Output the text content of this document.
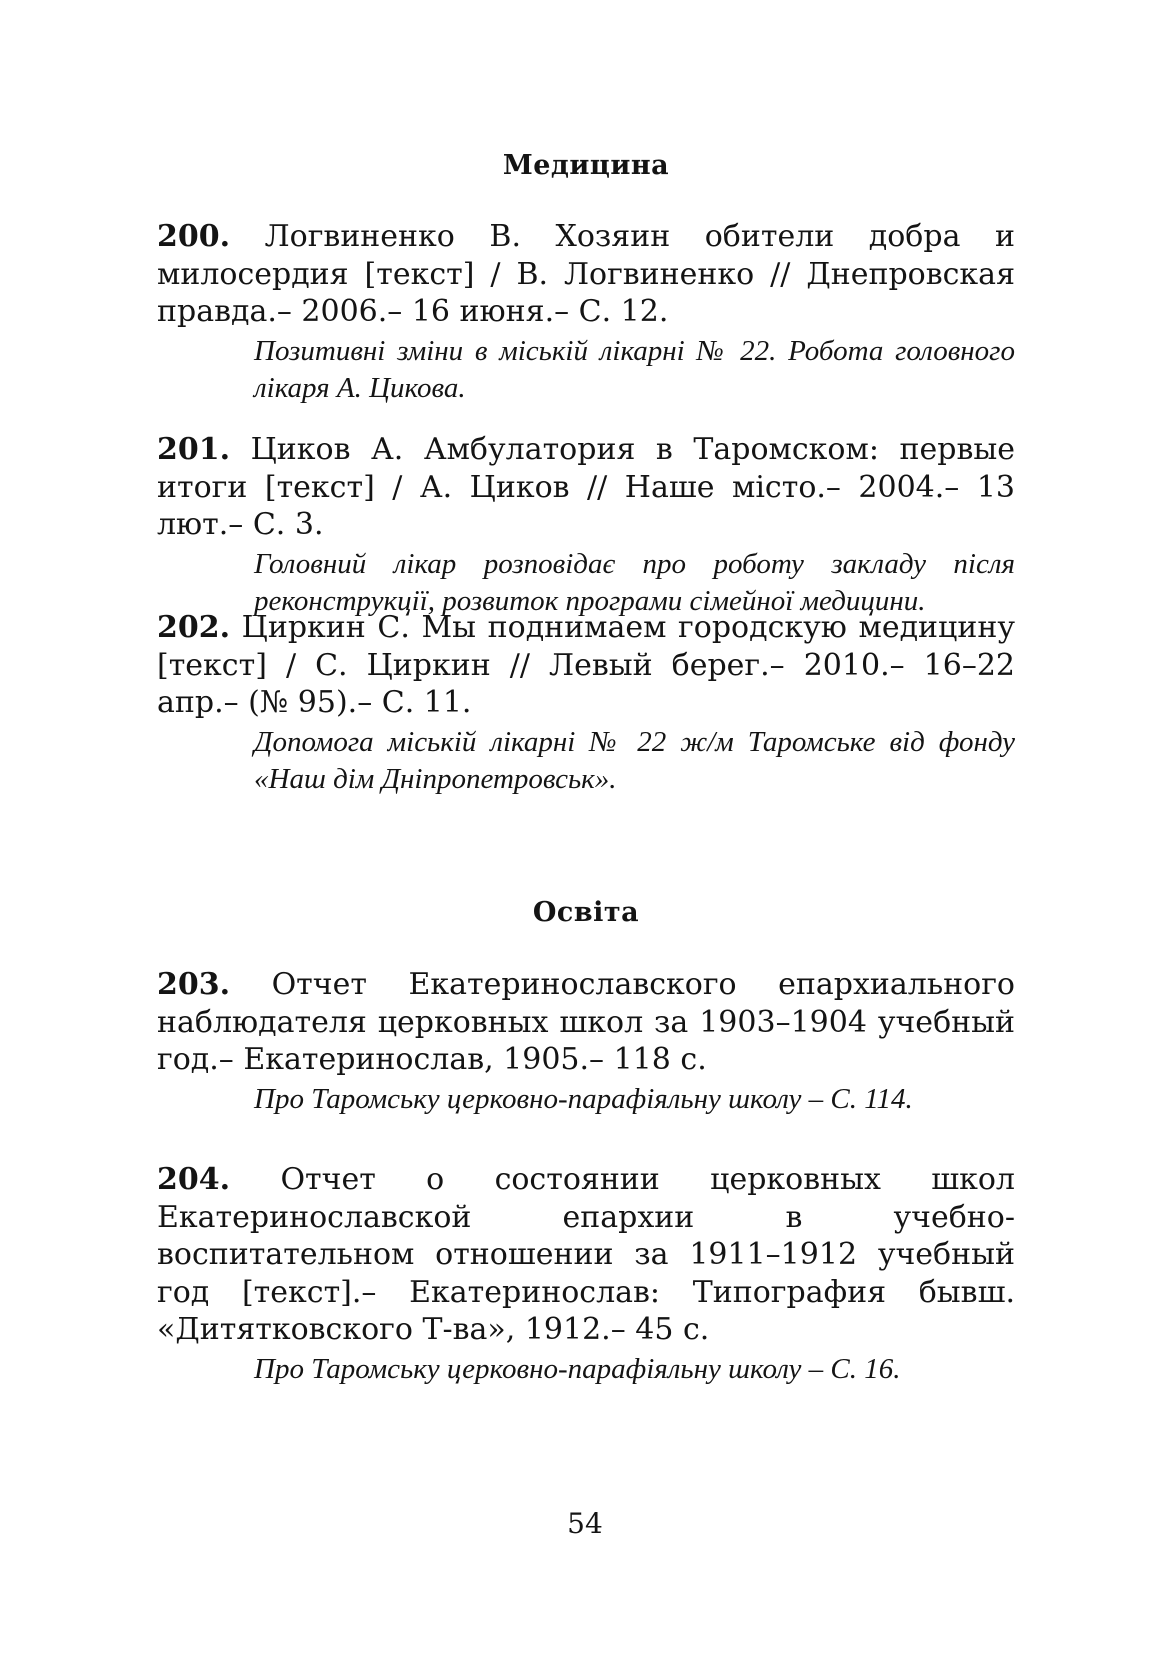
Медицина

200. Логвиненко В. Хозяин обители добра и милосердия [текст] / В. Логвиненко // Днепровская правда.– 2006.– 16 июня.– С. 12.

Позитивні зміни в міській лікарні № 22. Робота головного лікаря А. Цикова.

201. Циков А. Амбулатория в Таромском: первые итоги [текст] / А. Циков // Наше місто.– 2004.– 13 лют.– С. 3.

Головний лікар розповідає про роботу закладу після реконструкції, розвиток програми сімейної медицини.

202. Циркин С. Мы поднимаем городскую медицину [текст] / С. Циркин // Левый берег.– 2010.– 16–22 апр.– (№ 95).– С. 11.

Допомога міській лікарні № 22 ж/м Таромське від фонду «Наш дім Дніпропетровськ».

Освіта

203. Отчет Екатеринославского епархиального наблюдателя церковных школ за 1903–1904 учебный год.– Екатеринослав, 1905.– 118 с.

Про Таромську церковно-парафіяльну школу – С. 114.

204. Отчет о состоянии церковных школ Екатеринославской епархии в учебно-воспитательном отношении за 1911–1912 учебный год [текст].– Екатеринослав: Типография бывш. «Дитятковского Т-ва», 1912.– 45 с.

Про Таромську церковно-парафіяльну школу – С. 16.

54
